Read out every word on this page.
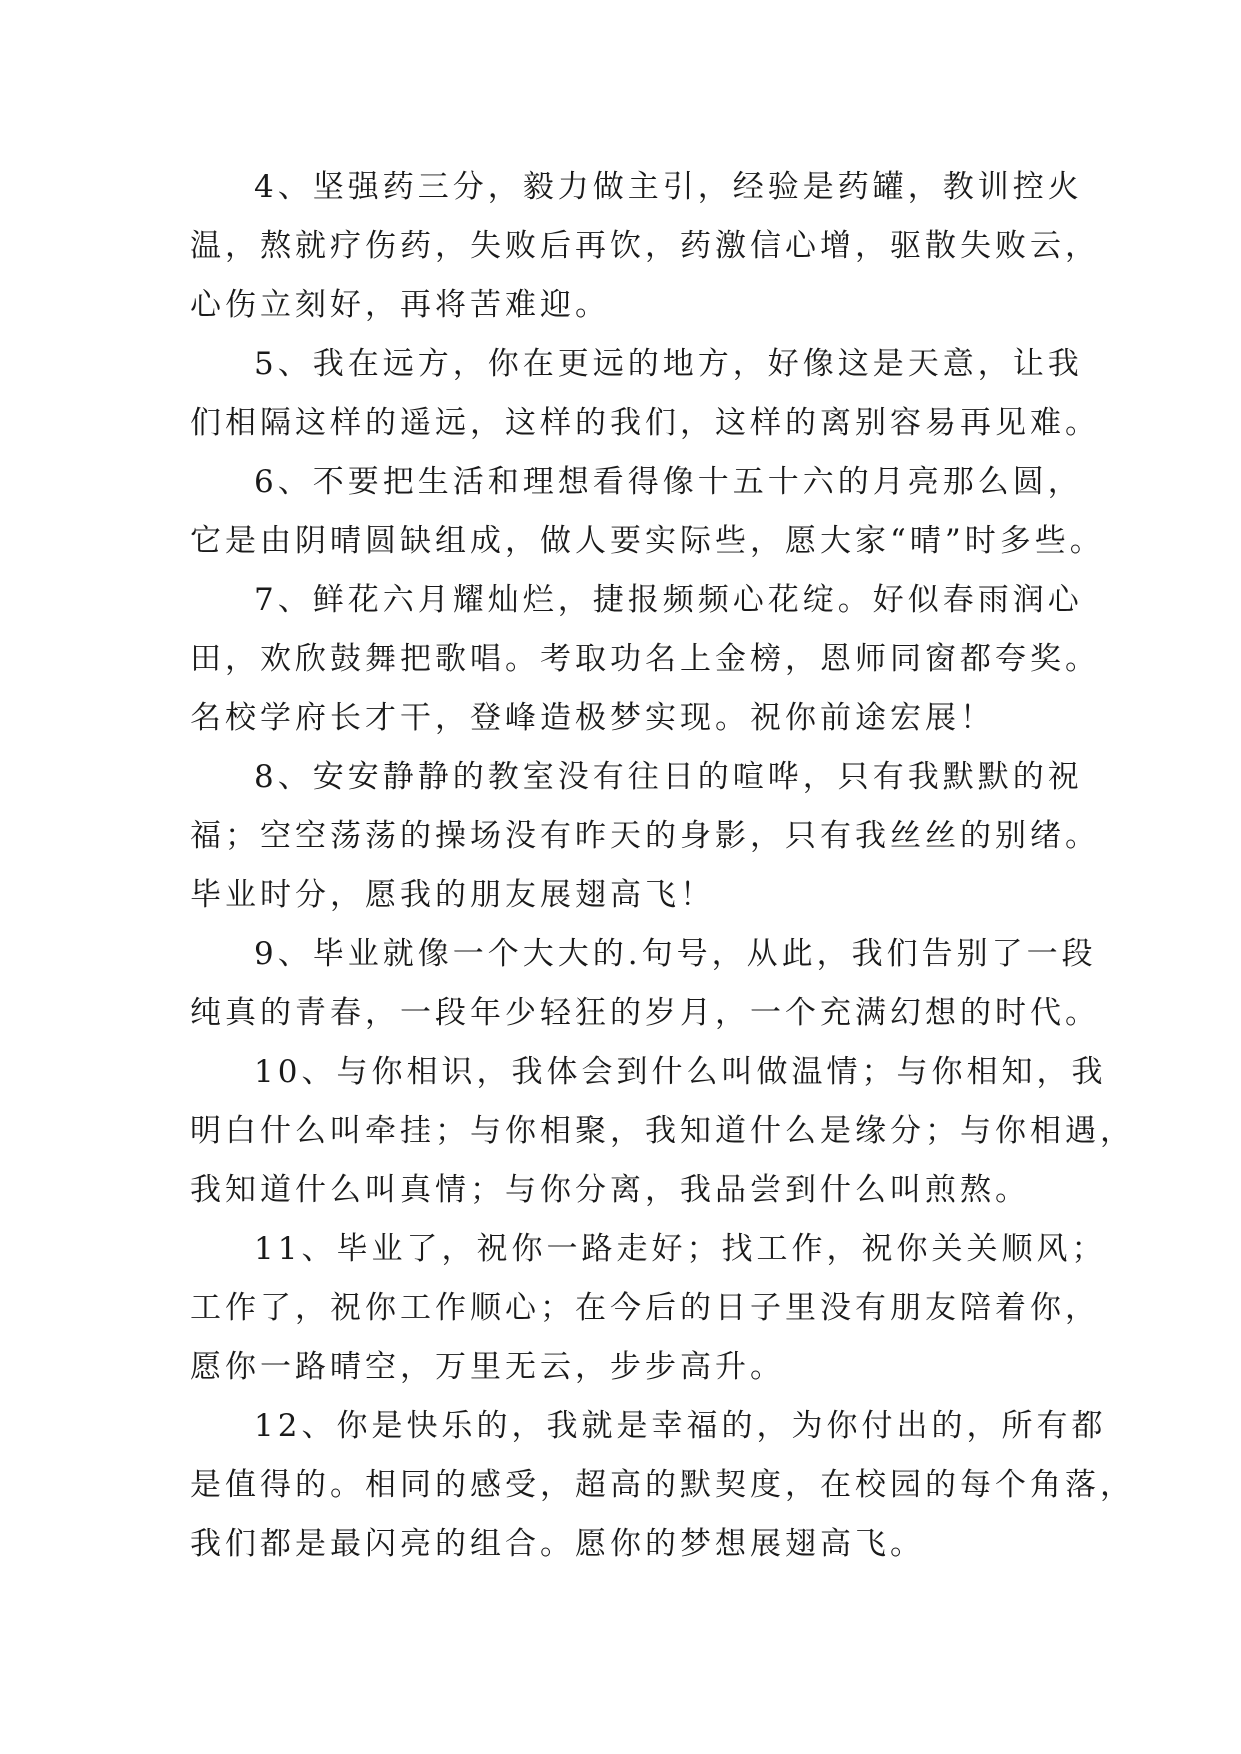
4、坚强药三分，毅力做主引，经验是药罐，教训控火
温，熬就疗伤药，失败后再饮，药激信心增，驱散失败云，
心伤立刻好，再将苦难迎。

5、我在远方，你在更远的地方，好像这是天意，让我
们相隔这样的遥远，这样的我们，这样的离别容易再见难。

6、不要把生活和理想看得像十五十六的月亮那么圆，
它是由阴晴圆缺组成，做人要实际些，愿大家“晴”时多些。

7、鲜花六月耀灿烂，捷报频频心花绽。好似春雨润心
田，欢欣鼓舞把歌唱。考取功名上金榜，恩师同窗都夸奖。
名校学府长才干，登峰造极梦实现。祝你前途宏展！

8、安安静静的教室没有往日的喧哗，只有我默默的祝
福；空空荡荡的操场没有昨天的身影，只有我丝丝的别绪。
毕业时分，愿我的朋友展翅高飞！

9、毕业就像一个大大的.句号，从此，我们告别了一段
纯真的青春，一段年少轻狂的岁月，一个充满幻想的时代。

10、与你相识，我体会到什么叫做温情；与你相知，我
明白什么叫牵挂；与你相聚，我知道什么是缘分；与你相遇，
我知道什么叫真情；与你分离，我品尝到什么叫煎熬。

11、毕业了，祝你一路走好；找工作，祝你关关顺风；
工作了，祝你工作顺心；在今后的日子里没有朋友陪着你，
愿你一路晴空，万里无云，步步高升。

12、你是快乐的，我就是幸福的，为你付出的，所有都
是值得的。相同的感受，超高的默契度，在校园的每个角落，
我们都是最闪亮的组合。愿你的梦想展翅高飞。
